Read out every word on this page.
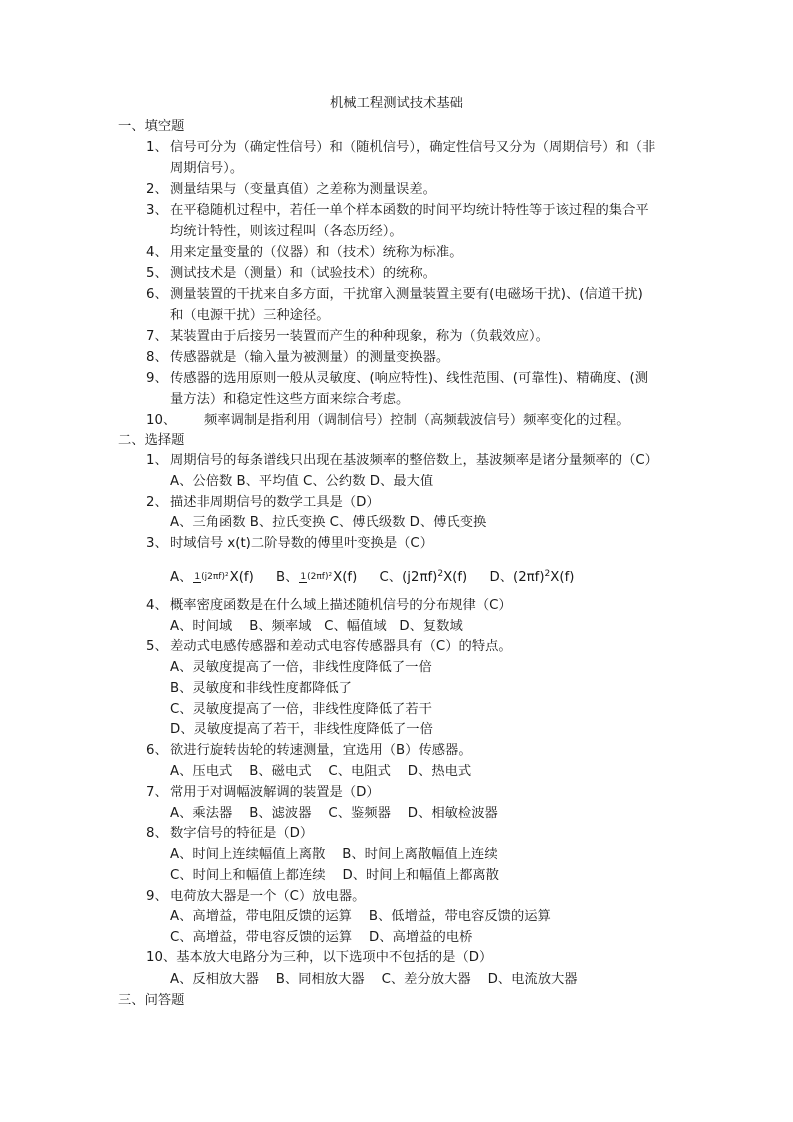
机械工程测试技术基础
一、填空题
1、 信号可分为（确定性信号）和（随机信号），确定性信号又分为（周期信号）和（非
周期信号）。
2、 测量结果与（变量真值）之差称为测量误差。
3、 在平稳随机过程中，若任一单个样本函数的时间平均统计特性等于该过程的集合平
均统计特性，则该过程叫（各态历经）。
4、 用来定量变量的（仪器）和（技术）统称为标准。
5、 测试技术是（测量）和（试验技术）的统称。
6、 测量装置的干扰来自多方面，干扰窜入测量装置主要有(电磁场干扰)、(信道干扰)
和（电源干扰）三种途径。
7、 某装置由于后接另一装置而产生的种种现象，称为（负载效应）。
8、 传感器就是（输入量为被测量）的测量变换器。
9、 传感器的选用原则一般从灵敏度、(响应特性)、线性范围、(可靠性)、精确度、(测
量方法）和稳定性这些方面来综合考虑。
10、 频率调制是指利用（调制信号）控制（高频载波信号）频率变化的过程。
二、选择题
1、 周期信号的每条谱线只出现在基波频率的整倍数上，基波频率是诸分量频率的（C）
A、公倍数 B、平均值 C、公约数 D、最大值
2、 描述非周期信号的数学工具是（D）
A、三角函数 B、拉氏变换 C、傅氏级数 D、傅氏变换
3、 时域信号 x(t)二阶导数的傅里叶变换是（C）
A、 1(j2πf)²X(f) B、 1(2πf)²X(f) C、$(j2\pi f)^2X(f)$ D、$(2\pi f)^2X(f)$
4、 概率密度函数是在什么域上描述随机信号的分布规律（C）
A、时间域    B、频率域   C、幅值域   D、复数域
5、 差动式电感传感器和差动式电容传感器具有（C）的特点。
A、灵敏度提高了一倍，非线性度降低了一倍
B、灵敏度和非线性度都降低了
C、灵敏度提高了一倍，非线性度降低了若干
D、灵敏度提高了若干，非线性度降低了一倍
6、 欲进行旋转齿轮的转速测量，宜选用（B）传感器。
A、压电式    B、磁电式    C、电阻式    D、热电式
7、 常用于对调幅波解调的装置是（D）
A、乘法器    B、滤波器    C、鉴频器    D、相敏检波器
8、 数字信号的特征是（D）
A、时间上连续幅值上离散    B、时间上离散幅值上连续
C、时间上和幅值上都连续    D、时间上和幅值上都离散
9、 电荷放大器是一个（C）放电器。
A、高增益，带电阻反馈的运算    B、低增益，带电容反馈的运算
C、高增益，带电容反馈的运算    D、高增益的电桥
10、基本放大电路分为三种，以下选项中不包括的是（D）
A、反相放大器    B、同相放大器    C、差分放大器    D、电流放大器
三、问答题
